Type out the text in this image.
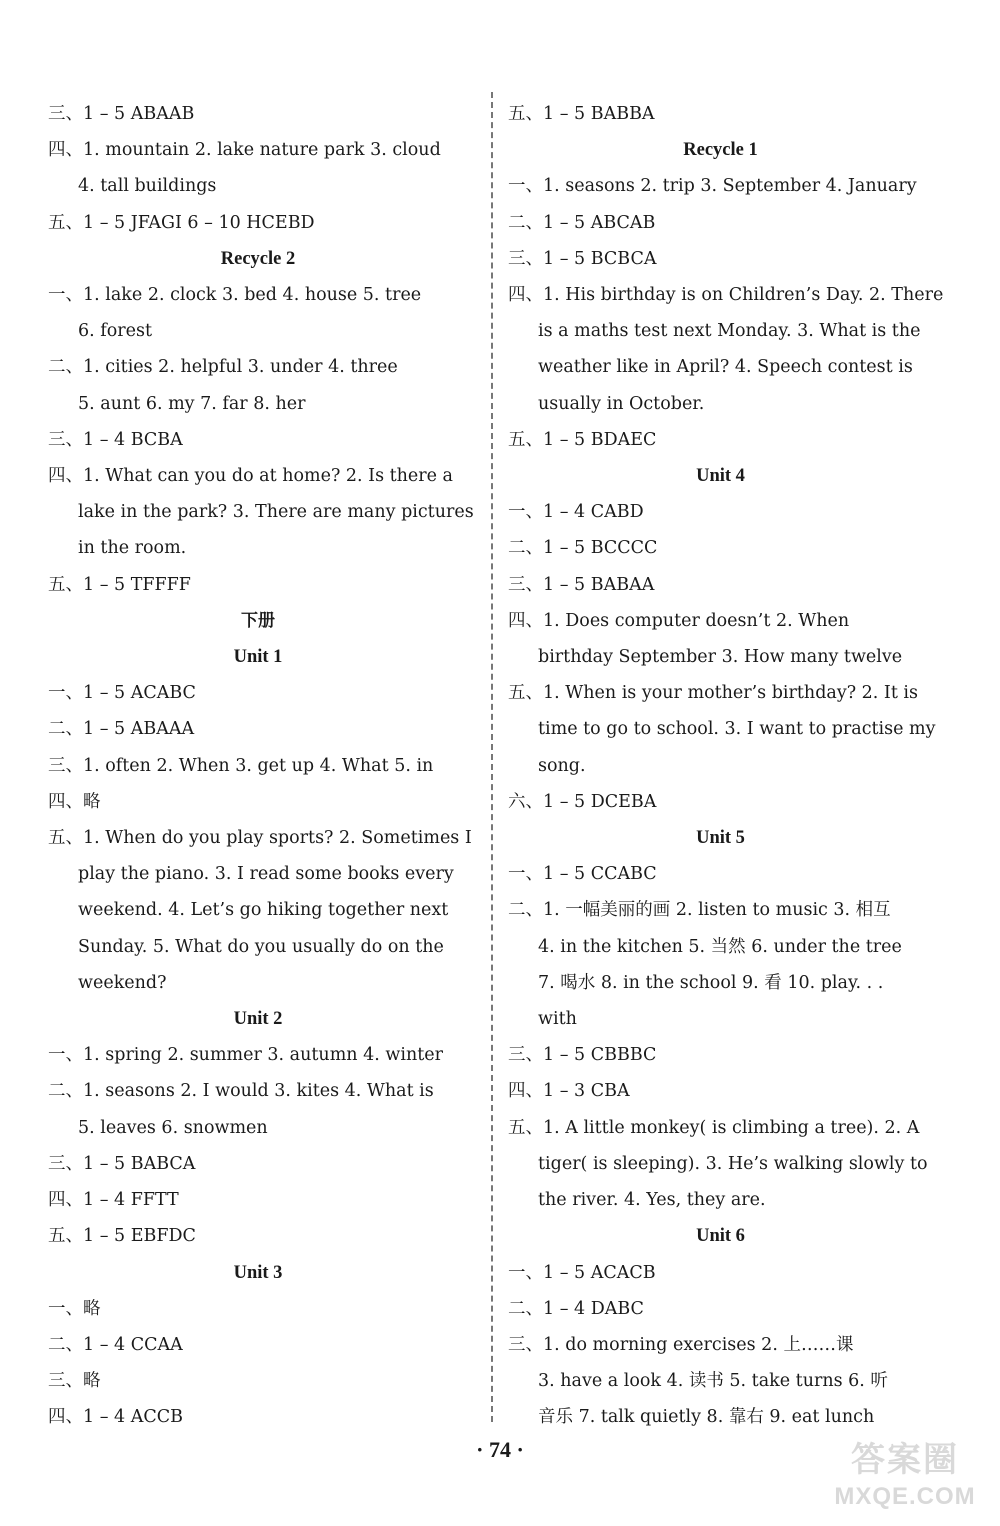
三、1 – 5 ABAAB
四、1. mountain 2. lake nature park 3. cloud
4. tall buildings
五、1 – 5 JFAGI 6 – 10 HCEBD
Recycle 2
一、1. lake 2. clock 3. bed 4. house 5. tree
6. forest
二、1. cities 2. helpful 3. under 4. three
5. aunt 6. my 7. far 8. her
三、1 – 4 BCBA
四、1. What can you do at home? 2. Is there a
lake in the park? 3. There are many pictures
in the room.
五、1 – 5 TFFFF
下册
Unit 1
一、1 – 5 ACABC
二、1 – 5 ABAAA
三、1. often 2. When 3. get up 4. What 5. in
四、略
五、1. When do you play sports? 2. Sometimes I
play the piano. 3. I read some books every
weekend. 4. Let’s go hiking together next
Sunday. 5. What do you usually do on the
weekend?
Unit 2
一、1. spring 2. summer 3. autumn 4. winter
二、1. seasons 2. I would 3. kites 4. What is
5. leaves 6. snowmen
三、1 – 5 BABCA
四、1 – 4 FFTT
五、1 – 5 EBFDC
Unit 3
一、略
二、1 – 4 CCAA
三、略
四、1 – 4 ACCB
五、1 – 5 BABBA
Recycle 1
一、1. seasons 2. trip 3. September 4. January
二、1 – 5 ABCAB
三、1 – 5 BCBCA
四、1. His birthday is on Children’s Day. 2. There
is a maths test next Monday. 3. What is the
weather like in April? 4. Speech contest is
usually in October.
五、1 – 5 BDAEC
Unit 4
一、1 – 4 CABD
二、1 – 5 BCCCC
三、1 – 5 BABAA
四、1. Does computer doesn’t 2. When
birthday September 3. How many twelve
五、1. When is your mother’s birthday? 2. It is
time to go to school. 3. I want to practise my
song.
六、1 – 5 DCEBA
Unit 5
一、1 – 5 CCABC
二、1. 一幅美丽的画 2. listen to music 3. 相互
4. in the kitchen 5. 当然 6. under the tree
7. 喝水 8. in the school 9. 看 10. play. . .
with
三、1 – 5 CBBBC
四、1 – 3 CBA
五、1. A little monkey( is climbing a tree). 2. A
tiger( is sleeping). 3. He’s walking slowly to
the river. 4. Yes, they are.
Unit 6
一、1 – 5 ACACB
二、1 – 4 DABC
三、1. do morning exercises 2. 上……课
3. have a look 4. 读书 5. take turns 6. 听
音乐 7. talk quietly 8. 靠右 9. eat lunch
· 74 ·	答案圈
MXQE.COM
